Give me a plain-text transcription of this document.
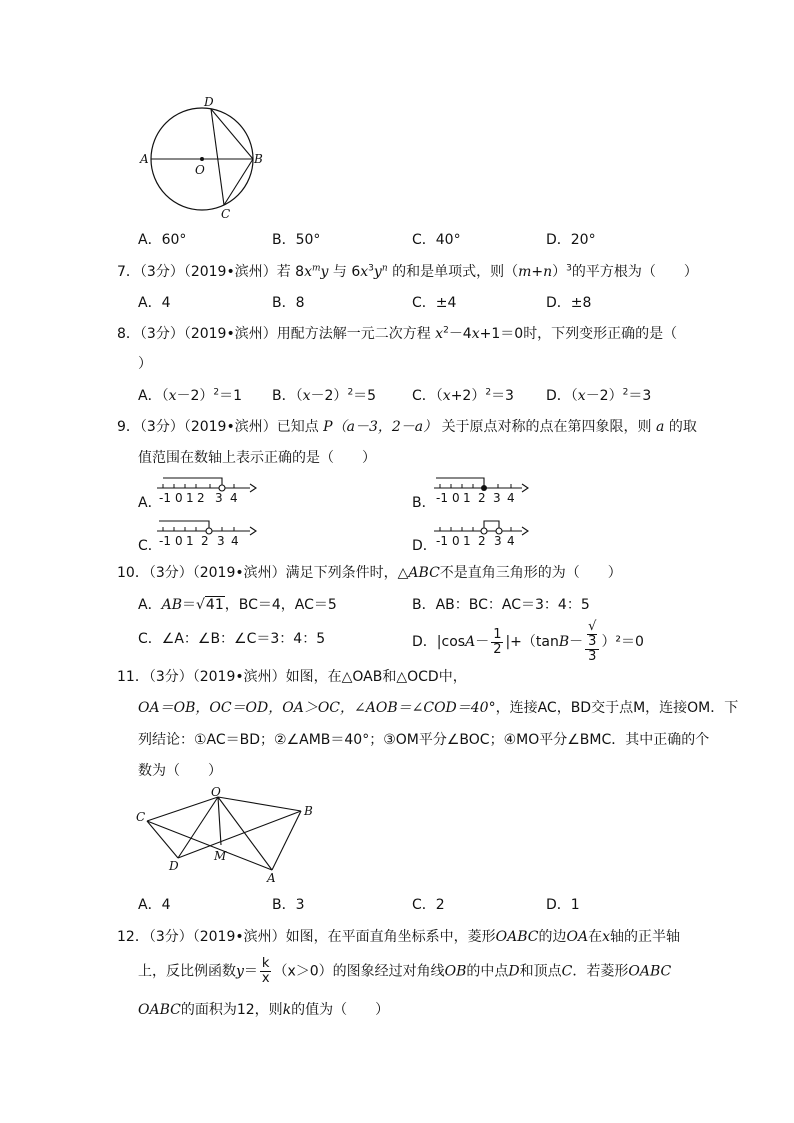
A	B
C
D
O
A．60°	B．50°	C．40°	D．20°
7．（3分）（2019•滨州）若 $8x^my$ 与 $6x^3y^n$ 的和是单项式，则$(m+n)^3$的平方根为（　　）
A．4	B．8	C．±4	D．±8
8．（3分）（2019•滨州）用配方法解一元二次方程 $x^2-4x+1=0$时，下列变形正确的是（
）
A．$(x-2)^2=1$ B．$(x-2)^2=5$	C．$(x+2)^2=3$ D．$(x-2)^2=3$
9．（3分）（2019•滨州）已知点 P（a－3，2－a） 关于原点对称的点在第四象限，则 a 的取
值范围在数轴上表示正确的是（　　）
A．
-1 0 1 2 3 4	B． -1 0 1 2 3 4
C．
-1 0 1 2 3 4	D． -1 0 1 2 3 4
10．（3分）（2019•滨州）满足下列条件时，△ABC不是直角三角形的为（　　）
A．AB＝√41，BC＝4，AC＝5	B．AB：BC：AC＝3：4：5
C．∠A：∠B：∠C＝3：4：5	D．$|\cos A- \frac{1}{2} |+(\tan B-$ √
3
3 ）²＝0
11．（3分）（2019•滨州）如图，在△OAB和△OCD中，
OA＝OB，OC＝OD，OA＞OC，∠AOB＝∠COD＝40°，连接AC，BD交于点M，连接OM．下
列结论：①AC＝BD；②∠AMB＝40°；③OM平分∠BOC；④MO平分∠BMC．其中正确的个
数为（　　）
O
B
C
D
M
A
A．4	B．3	C．2	D．1
12．（3分）（2019•滨州）如图，在平面直角坐标系中，菱形OABC的边OA在x轴的正半轴
上，反比例函数$y= \frac{k}{x} (x>0)$的图象经过对角线OB的中点D和顶点C．若菱形OABC
OABC的面积为12，则k的值为（　　）
